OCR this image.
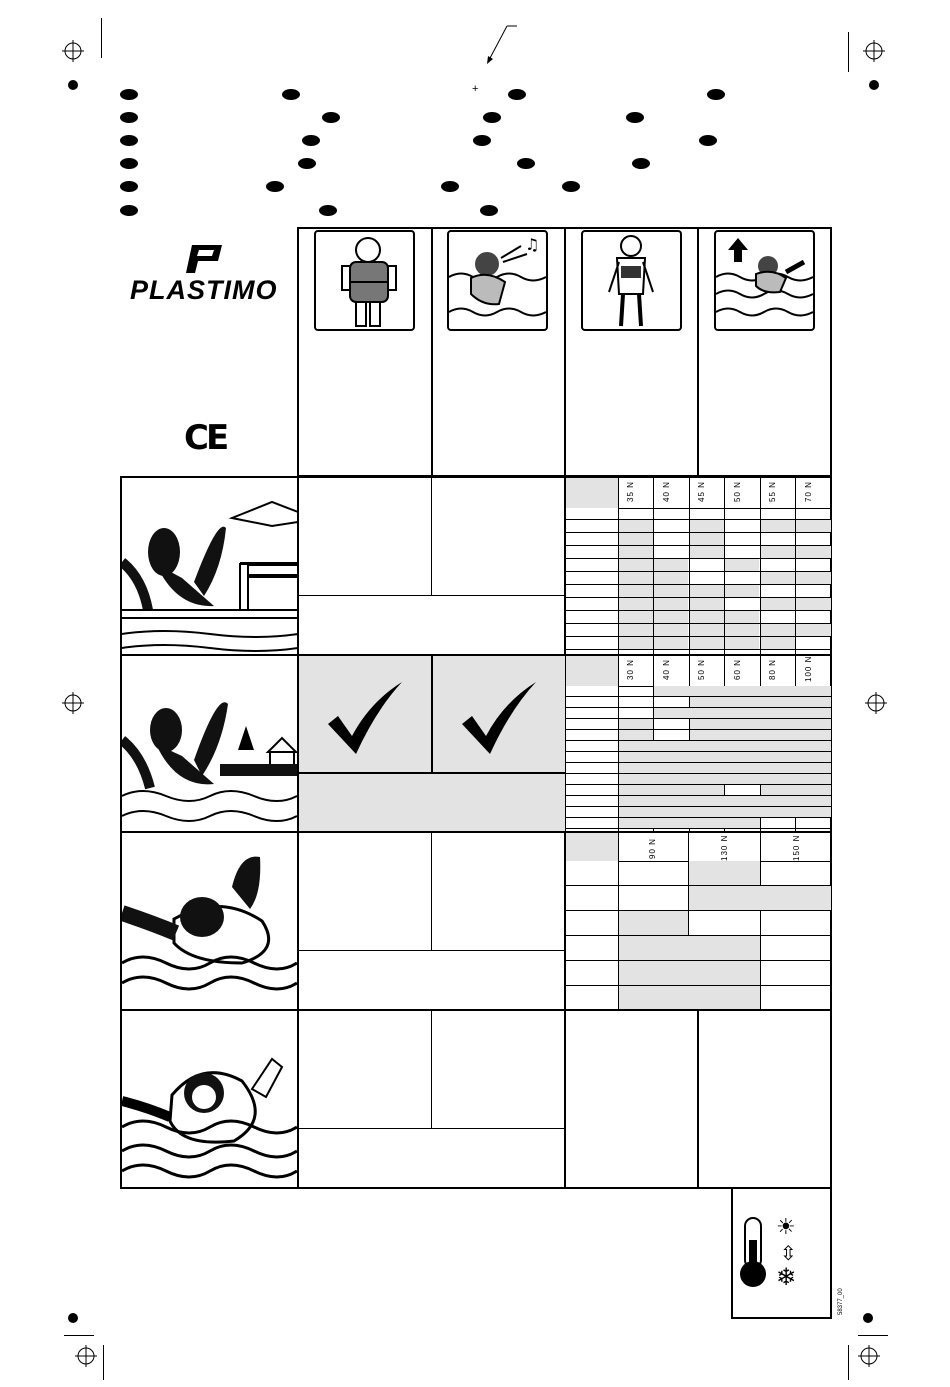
+
PLASTIMO
CE
♫
35 N	40 N	45 N	50 N	55 N	70 N
30 N	40 N	50 N	60 N	80 N	100 N
90 N	130 N	150 N
☀
⇳
❄
58377_00
